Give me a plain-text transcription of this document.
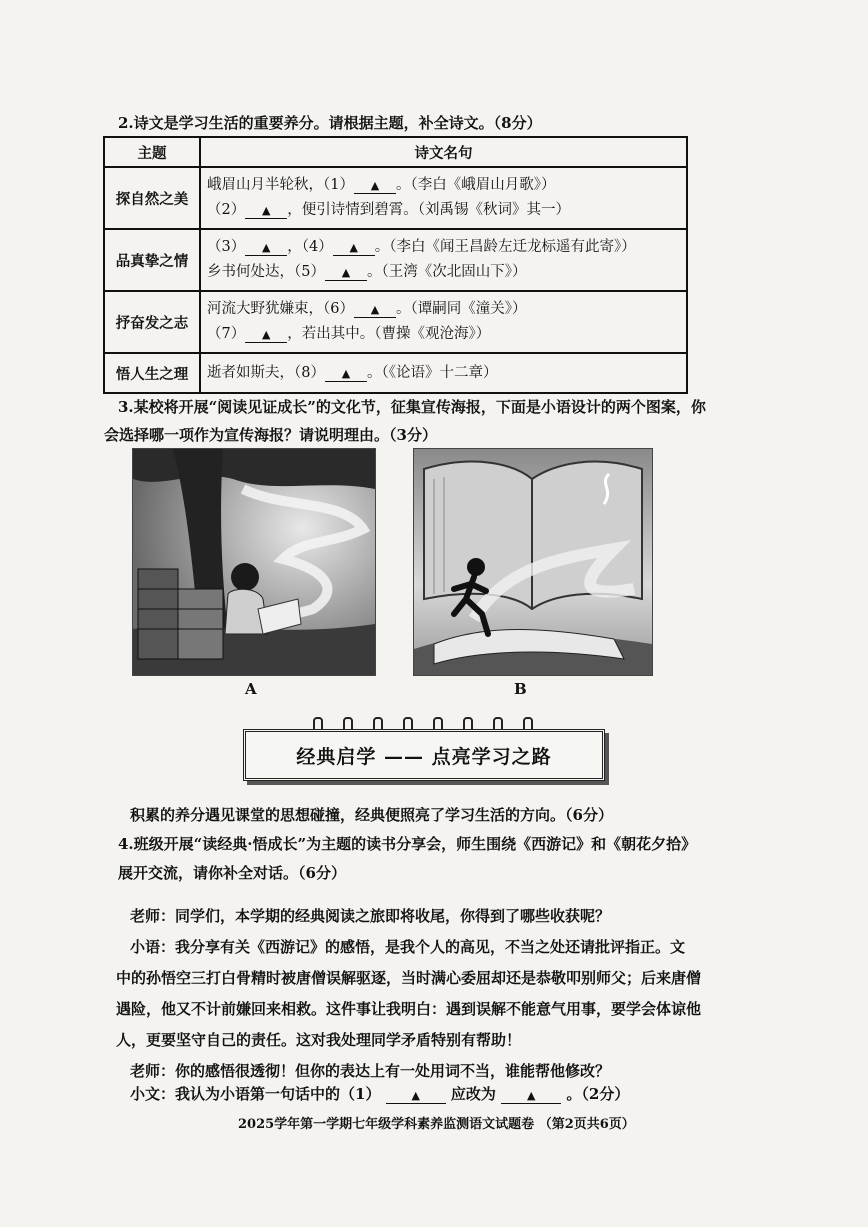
2.诗文是学习生活的重要养分。请根据主题，补全诗文。（8分）
主题	诗文名句
探自然之美	峨眉山月半轮秋，（1） ▲ 。（李白《峨眉山月歌》）
（2） ▲ ，便引诗情到碧霄。（刘禹锡《秋词》其一）

品真挚之情	（3） ▲ ，（4） ▲ 。（李白《闻王昌龄左迁龙标遥有此寄》）
乡书何处达，（5） ▲ 。（王湾《次北固山下》）

抒奋发之志	河流大野犹嫌束，（6） ▲ 。（谭嗣同《潼关》）
（7） ▲ ，若出其中。（曹操《观沧海》）

悟人生之理	逝者如斯夫，（8） ▲ 。（《论语》十二章）
3.某校将开展“阅读见证成长”的文化节，征集宣传海报，下面是小语设计的两个图案，你
会选择哪一项作为宣传海报？请说明理由。（3分）
A	B
经典启学 —— 点亮学习之路
积累的养分遇见课堂的思想碰撞，经典便照亮了学习生活的方向。（6分）
4.班级开展“读经典·悟成长”为主题的读书分享会，师生围绕《西游记》和《朝花夕拾》
展开交流，请你补全对话。（6分）
老师：同学们，本学期的经典阅读之旅即将收尾，你得到了哪些收获呢？
小语：我分享有关《西游记》的感悟，是我个人的高见，不当之处还请批评指正。文
中的孙悟空三打白骨精时被唐僧误解驱逐，当时满心委屈却还是恭敬叩别师父；后来唐僧
遇险，他又不计前嫌回来相救。这件事让我明白：遇到误解不能意气用事，要学会体谅他
人，更要坚守自己的责任。这对我处理同学矛盾特别有帮助！
老师：你的感悟很透彻！但你的表达上有一处用词不当，谁能帮他修改？
小文：我认为小语第一句话中的（1）	▲ 应改为	▲ 。（2分）
2025学年第一学期七年级学科素养监测语文试题卷 （第2页共6页）
